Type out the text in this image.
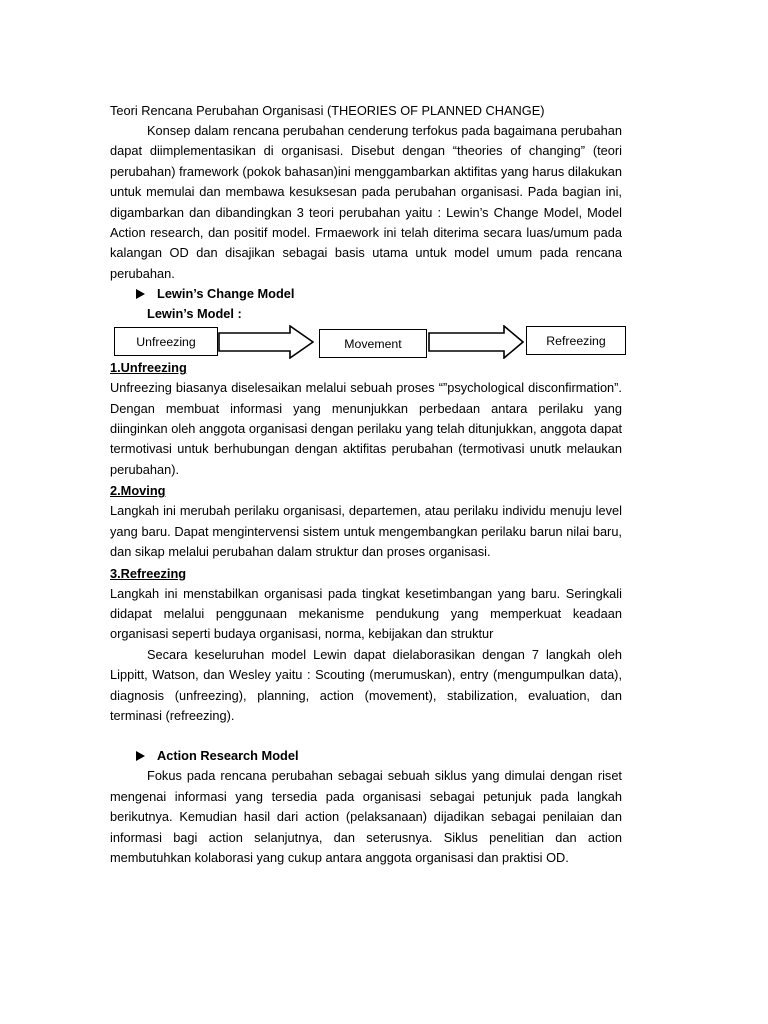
Teori Rencana Perubahan Organisasi (THEORIES OF PLANNED CHANGE)

Konsep dalam rencana perubahan cenderung terfokus pada bagaimana perubahan dapat diimplementasikan di organisasi. Disebut dengan “theories of changing” (teori perubahan) framework (pokok bahasan)ini menggambarkan aktifitas yang harus dilakukan untuk memulai dan membawa kesuksesan pada perubahan organisasi. Pada bagian ini, digambarkan dan dibandingkan 3 teori perubahan yaitu : Lewin’s Change Model, Model Action research, dan positif model. Frmaework ini telah diterima secara luas/umum pada kalangan OD dan disajikan sebagai basis utama untuk model umum pada rencana perubahan.

Lewin’s Change Model
Lewin’s Model :
Unfreezing	Movement	Refreezing
1.Unfreezing

Unfreezing biasanya diselesaikan melalui sebuah proses “”psychological disconfirmation”. Dengan membuat informasi yang menunjukkan perbedaan antara perilaku yang diinginkan oleh anggota organisasi dengan perilaku yang telah ditunjukkan, anggota dapat termotivasi untuk berhubungan dengan aktifitas perubahan (termotivasi unutk melaukan perubahan).

2.Moving

Langkah ini merubah perilaku organisasi, departemen, atau perilaku individu menuju level yang baru. Dapat mengintervensi sistem untuk mengembangkan perilaku barun nilai baru, dan sikap melalui perubahan dalam struktur dan proses organisasi.

3.Refreezing

Langkah ini menstabilkan organisasi pada tingkat kesetimbangan yang baru. Seringkali didapat melalui penggunaan mekanisme pendukung yang memperkuat keadaan organisasi seperti budaya organisasi, norma, kebijakan dan struktur

Secara keseluruhan model Lewin dapat dielaborasikan dengan 7 langkah oleh Lippitt, Watson, dan Wesley yaitu : Scouting (merumuskan), entry (mengumpulkan data), diagnosis (unfreezing), planning, action (movement), stabilization, evaluation, dan terminasi (refreezing).

Action Research Model

Fokus pada rencana perubahan sebagai sebuah siklus yang dimulai dengan riset mengenai informasi yang tersedia pada organisasi sebagai petunjuk pada langkah berikutnya. Kemudian hasil dari action (pelaksanaan) dijadikan sebagai penilaian dan informasi bagi action selanjutnya, dan seterusnya. Siklus penelitian dan action membutuhkan kolaborasi yang cukup antara anggota organisasi dan praktisi OD.
